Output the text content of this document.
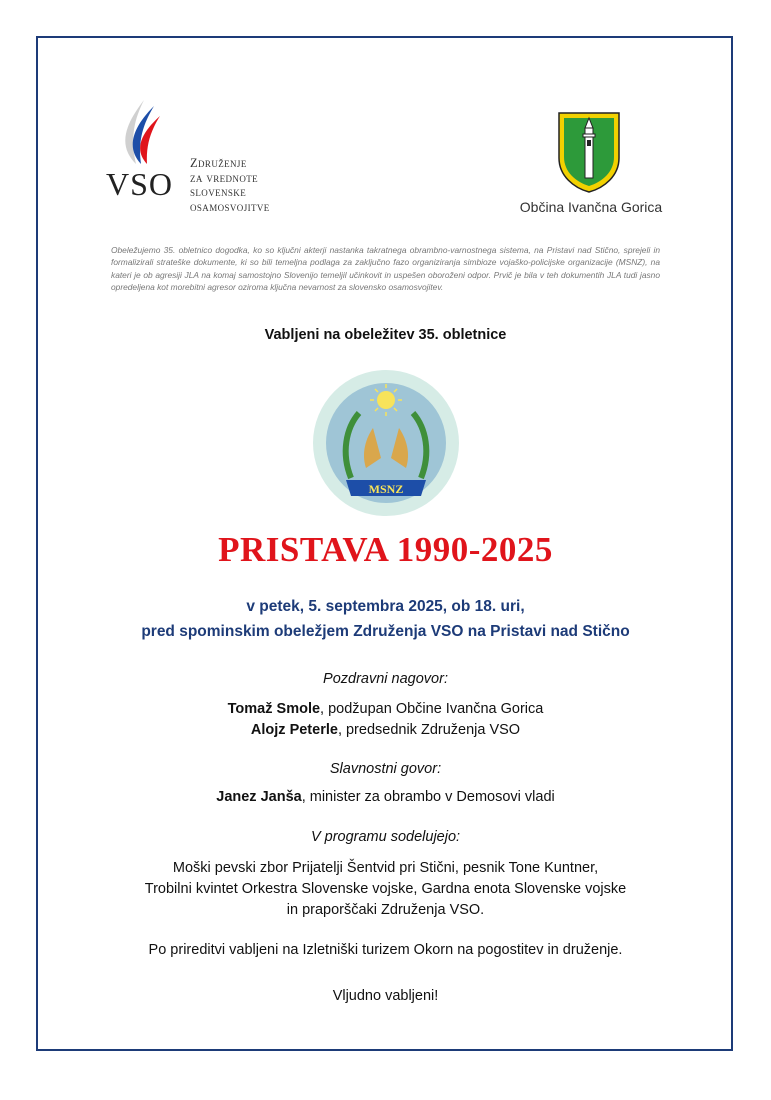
VSO
Združenje
za vrednote
slovenske
osamosvojitve	Občina Ivančna Gorica
Obeležujemo 35. obletnico dogodka, ko so ključni akterji nastanka takratnega obrambno-varnostnega sistema, na Pristavi nad Stično, sprejeli in formalizirali strateške dokumente, ki so bili temeljna podlaga za zaključno fazo organiziranja simbioze vojaško-policijske organizacije (MSNZ), na kateri je ob agresiji JLA na komaj samostojno Slovenijo temeljil učinkovit in uspešen oboroženi odpor. Prvič je bila v teh dokumentih JLA tudi jasno opredeljena kot morebitni agresor oziroma ključna nevarnost za slovensko osamosvojitev.
Vabljeni na obeležitev 35. obletnice
MSNZ
PRISTAVA 1990-2025
v petek, 5. septembra 2025, ob 18. uri,
pred spominskim obeležjem Združenja VSO na Pristavi nad Stično
Pozdravni nagovor:
Tomaž Smole, podžupan Občine Ivančna Gorica
Alojz Peterle, predsednik Združenja VSO
Slavnostni govor:
Janez Janša, minister za obrambo v Demosovi vladi
V programu sodelujejo:
Moški pevski zbor Prijatelji Šentvid pri Stični, pesnik Tone Kuntner,
Trobilni kvintet Orkestra Slovenske vojske, Gardna enota Slovenske vojske
in praporščaki Združenja VSO.
Po prireditvi vabljeni na Izletniški turizem Okorn na pogostitev in druženje.
Vljudno vabljeni!
